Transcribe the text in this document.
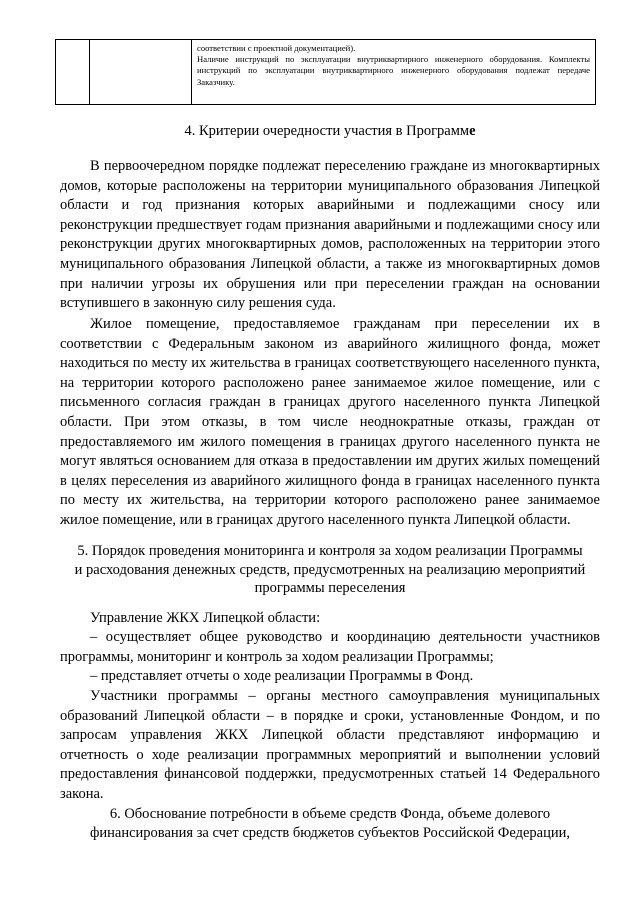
соответствии с проектной документацией).

Наличие инструкций по эксплуатации внутриквартирного инженерного оборудования. Комплекты инструкций по эксплуатации внутриквартирного инженерного оборудования подлежат передаче Заказчику.

4. Критерии очередности участия в Программе

В первоочередном порядке подлежат переселению граждане из многоквартирных домов, которые расположены на территории муниципального образования Липецкой области и год признания которых аварийными и подлежащими сносу или реконструкции предшествует годам признания аварийными и подлежащими сносу или реконструкции других многоквартирных домов, расположенных на территории этого муниципального образования Липецкой области, а также из многоквартирных домов при наличии угрозы их обрушения или при переселении граждан на основании вступившего в законную силу решения суда.

Жилое помещение, предоставляемое гражданам при переселении их в соответствии с Федеральным законом из аварийного жилищного фонда, может находиться по месту их жительства в границах соответствующего населенного пункта, на территории которого расположено ранее занимаемое жилое помещение, или с письменного согласия граждан в границах другого населенного пункта Липецкой области. При этом отказы, в том числе неоднократные отказы, граждан от предоставляемого им жилого помещения в границах другого населенного пункта не могут являться основанием для отказа в предоставлении им других жилых помещений в целях переселения из аварийного жилищного фонда в границах населенного пункта по месту их жительства, на территории которого расположено ранее занимаемое жилое помещение, или в границах другого населенного пункта Липецкой области.

5. Порядок проведения мониторинга и контроля за ходом реализации Программы
и расходования денежных средств, предусмотренных на реализацию мероприятий
программы переселения

Управление ЖКХ Липецкой области:

– осуществляет общее руководство и координацию деятельности участников программы, мониторинг и контроль за ходом реализации Программы;

– представляет отчеты о ходе реализации Программы в Фонд.

Участники программы – органы местного самоуправления муниципальных образований Липецкой области – в порядке и сроки, установленные Фондом, и по запросам управления ЖКХ Липецкой области представляют информацию и отчетность о ходе реализации программных мероприятий и выполнении условий предоставления финансовой поддержки, предусмотренных статьей 14 Федерального закона.

6. Обоснование потребности в объеме средств Фонда, объеме долевого
финансирования за счет средств бюджетов субъектов Российской Федерации,
